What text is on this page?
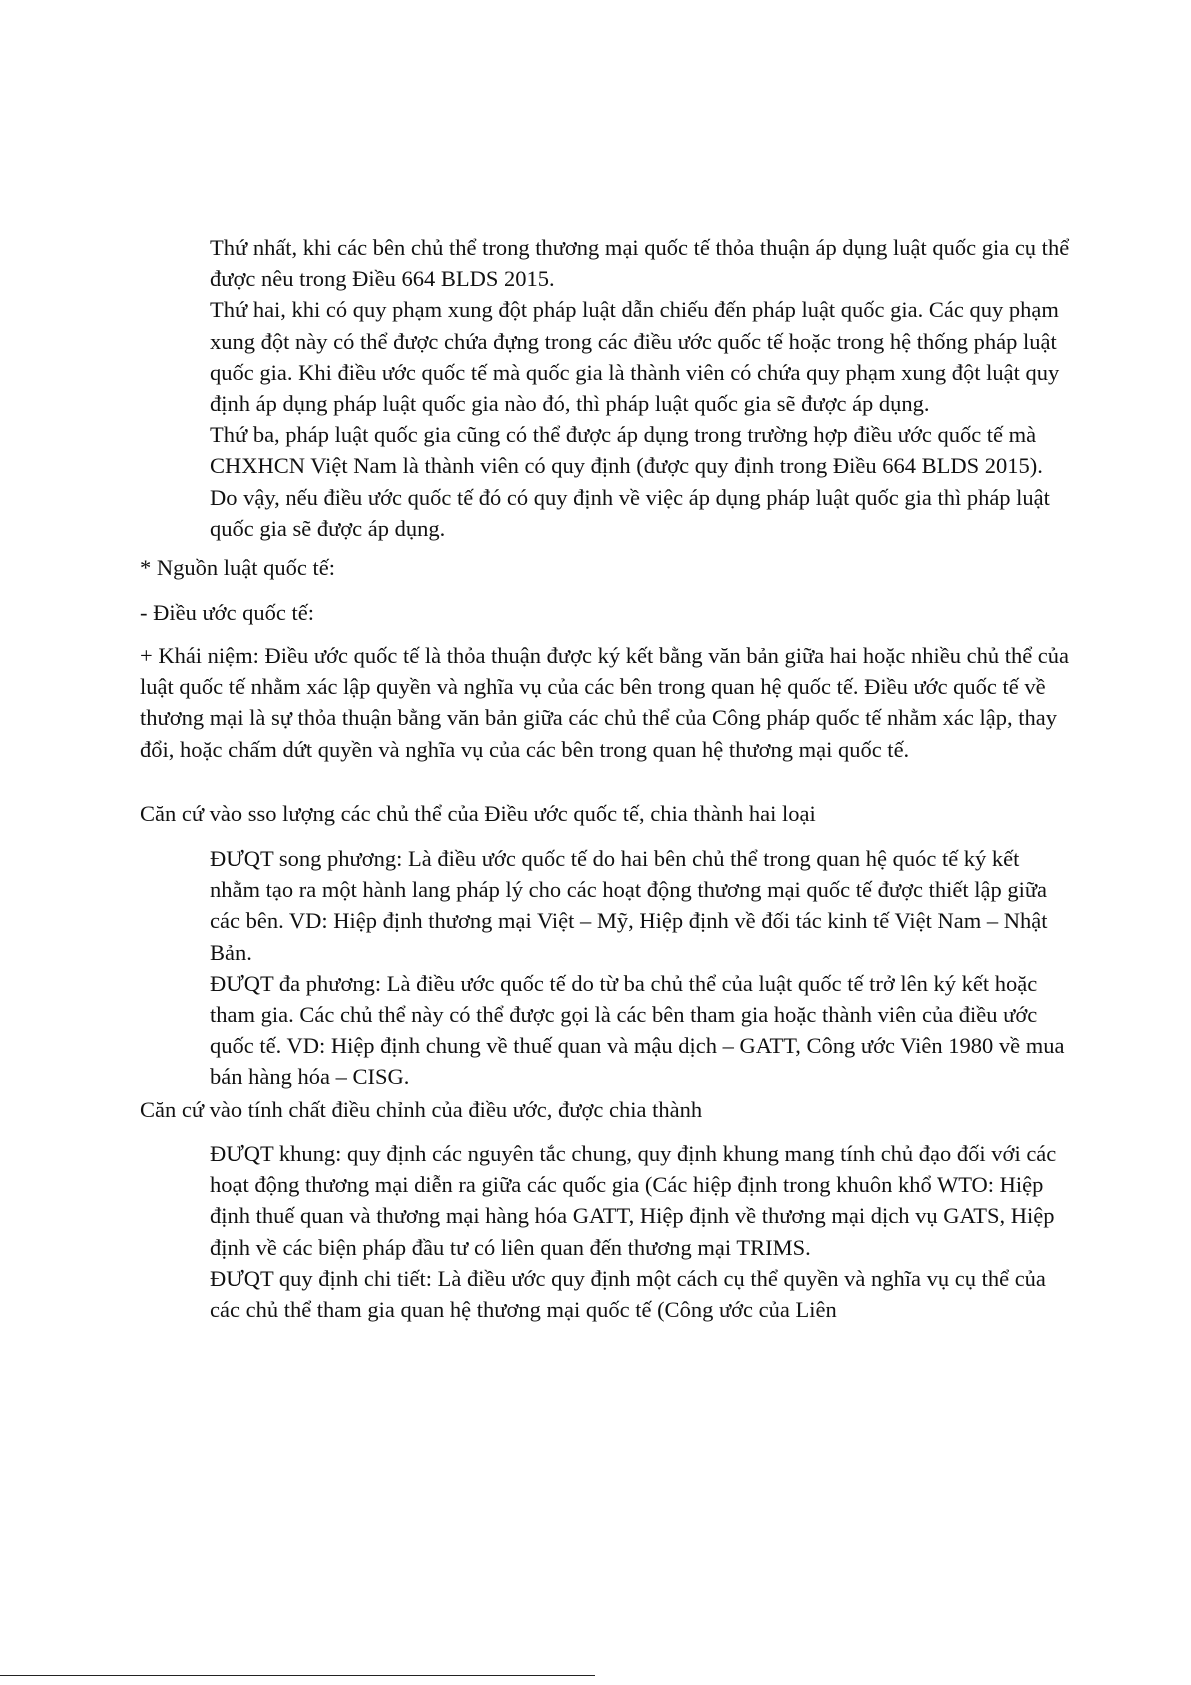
Thứ nhất, khi các bên chủ thể trong thương mại quốc tế thỏa thuận áp dụng luật quốc gia cụ thể được nêu trong Điều 664 BLDS 2015.

Thứ hai, khi có quy phạm xung đột pháp luật dẫn chiếu đến pháp luật quốc gia. Các quy phạm xung đột này có thể được chứa đựng trong các điều ước quốc tế hoặc trong hệ thống pháp luật quốc gia. Khi điều ước quốc tế mà quốc gia là thành viên có chứa quy phạm xung đột luật quy định áp dụng pháp luật quốc gia nào đó, thì pháp luật quốc gia sẽ được áp dụng.

Thứ ba, pháp luật quốc gia cũng có thể được áp dụng trong trường hợp điều ước quốc tế mà CHXHCN Việt Nam là thành viên có quy định (được quy định trong Điều 664 BLDS 2015). Do vậy, nếu điều ước quốc tế đó có quy định về việc áp dụng pháp luật quốc gia thì pháp luật quốc gia sẽ được áp dụng.

* Nguồn luật quốc tế:

- Điều ước quốc tế:

+ Khái niệm: Điều ước quốc tế là thỏa thuận được ký kết bằng văn bản giữa hai hoặc nhiều chủ thể của luật quốc tế nhằm xác lập quyền và nghĩa vụ của các bên trong quan hệ quốc tế. Điều ước quốc tế về thương mại là sự thỏa thuận bằng văn bản giữa các chủ thể của Công pháp quốc tế nhằm xác lập, thay đổi, hoặc chấm dứt quyền và nghĩa vụ của các bên trong quan hệ thương mại quốc tế.

Căn cứ vào sso lượng các chủ thể của Điều ước quốc tế, chia thành hai loại

ĐƯQT song phương: Là điều ước quốc tế do hai bên chủ thể trong quan hệ quóc tế ký kết nhằm tạo ra một hành lang pháp lý cho các hoạt động thương mại quốc tế được thiết lập giữa các bên. VD: Hiệp định thương mại Việt – Mỹ, Hiệp định về đối tác kinh tế Việt Nam – Nhật Bản.
ĐƯQT đa phương: Là điều ước quốc tế do từ ba chủ thể của luật quốc tế trở lên ký kết hoặc tham gia. Các chủ thể này có thể được gọi là các bên tham gia hoặc thành viên của điều ước quốc tế. VD: Hiệp định chung về thuế quan và mậu dịch – GATT, Công ước Viên 1980 về mua bán hàng hóa – CISG.

Căn cứ vào tính chất điều chỉnh của điều ước, được chia thành

ĐƯQT khung: quy định các nguyên tắc chung, quy định khung mang tính chủ đạo đối với các hoạt động thương mại diễn ra giữa các quốc gia (Các hiệp định trong khuôn khổ WTO: Hiệp định thuế quan và thương mại hàng hóa GATT, Hiệp định về thương mại dịch vụ GATS, Hiệp định về các biện pháp đầu tư có liên quan đến thương mại TRIMS.
ĐƯQT quy định chi tiết: Là điều ước quy định một cách cụ thể quyền và nghĩa vụ cụ thể của các chủ thể tham gia quan hệ thương mại quốc tế (Công ước của Liên
